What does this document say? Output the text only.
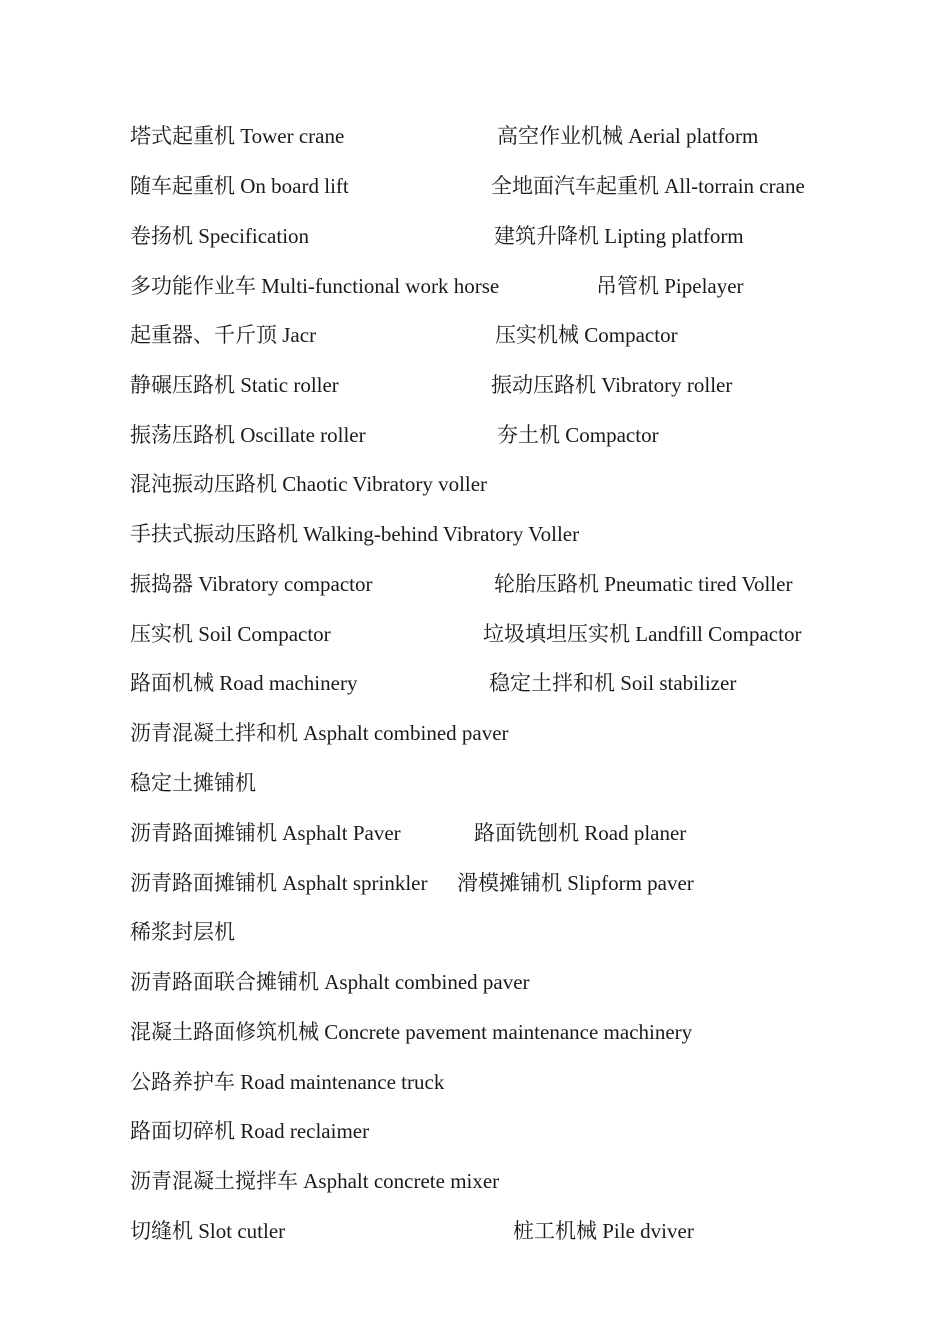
塔式起重机 Tower crane	高空作业机械 Aerial platform
随车起重机 On board lift	全地面汽车起重机 All-torrain crane
卷扬机 Specification	建筑升降机 Lipting platform
多功能作业车 Multi-functional work horse	吊管机 Pipelayer
起重器、千斤顶 Jacr	压实机械 Compactor
静碾压路机 Static roller	振动压路机 Vibratory roller
振荡压路机 Oscillate roller	夯土机 Compactor
混沌振动压路机 Chaotic Vibratory voller
手扶式振动压路机 Walking-behind Vibratory Voller
振捣器 Vibratory compactor	轮胎压路机 Pneumatic tired Voller
压实机 Soil Compactor	垃圾填坦压实机 Landfill Compactor
路面机械 Road machinery	稳定土拌和机 Soil stabilizer
沥青混凝土拌和机 Asphalt combined paver
稳定土摊铺机
沥青路面摊铺机 Asphalt Paver	路面铣刨机 Road planer
沥青路面摊铺机 Asphalt sprinkler 滑模摊铺机 Slipform paver
稀浆封层机
沥青路面联合摊铺机 Asphalt combined paver
混凝土路面修筑机械 Concrete pavement maintenance machinery
公路养护车 Road maintenance truck
路面切碎机 Road reclaimer
沥青混凝土搅拌车 Asphalt concrete mixer
切缝机 Slot cutler	桩工机械 Pile dviver
